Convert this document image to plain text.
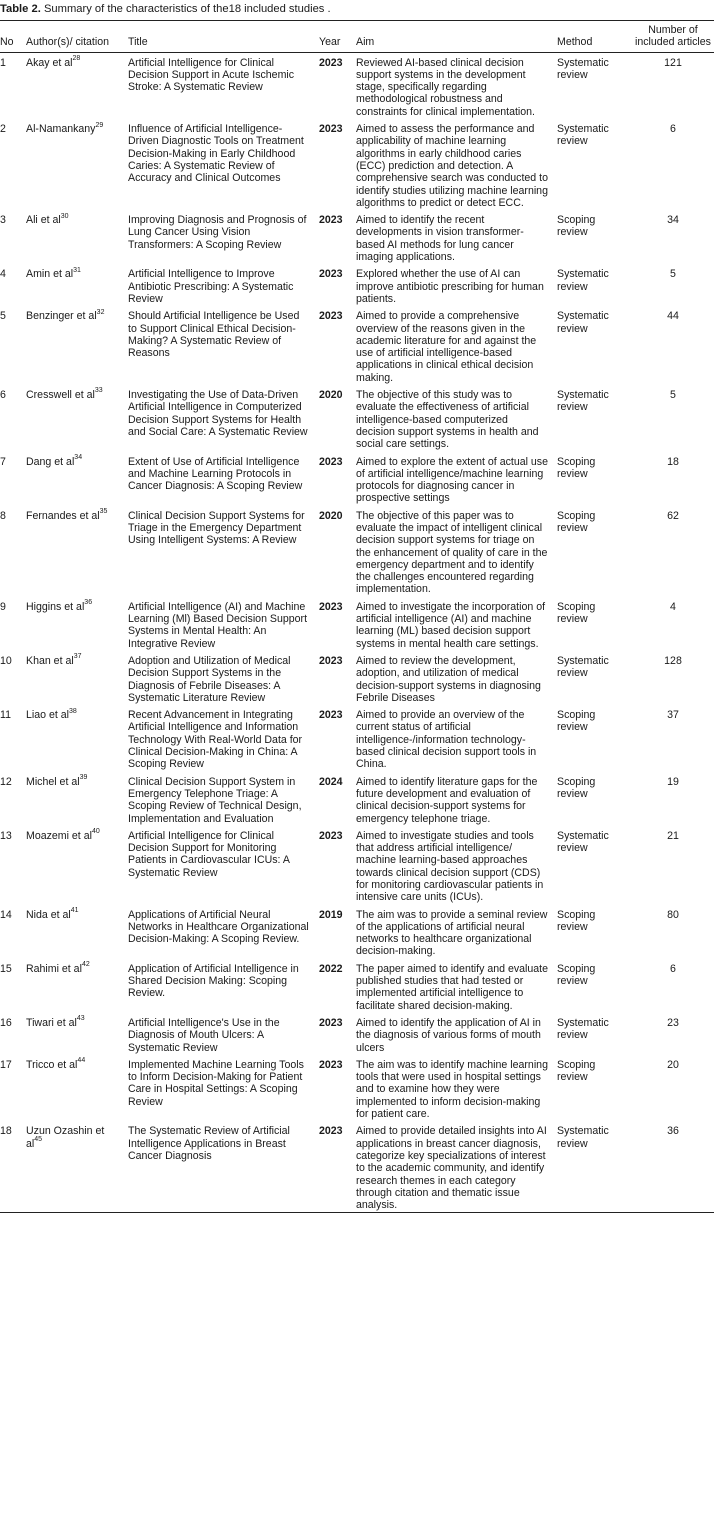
Table 2. Summary of the characteristics of the18 included studies .
No	Author(s)/ citation	Title	Year	Aim	Method	Number of included articles
1	Akay et $al^{28}$	Artificial Intelligence for Clinical Decision Support in Acute Ischemic Stroke: A Systematic Review	2023	Reviewed AI-based clinical decision support systems in the development stage, specifically regarding methodological robustness and constraints for clinical implementation.	Systematic review	121
2	Al-Namankany$^{29}$	Influence of Artificial Intelligence-Driven Diagnostic Tools on Treatment Decision-Making in Early Childhood Caries: A Systematic Review of Accuracy and Clinical Outcomes	2023	Aimed to assess the performance and applicability of machine learning algorithms in early childhood caries (ECC) prediction and detection. A comprehensive search was conducted to identify studies utilizing machine learning algorithms to predict or detect ECC.	Systematic review	6
3	Ali et $al^{30}$	Improving Diagnosis and Prognosis of Lung Cancer Using Vision Transformers: A Scoping Review	2023	Aimed to identify the recent developments in vision transformer-based AI methods for lung cancer imaging applications.	Scoping review	34
4	Amin et $al^{31}$	Artificial Intelligence to Improve Antibiotic Prescribing: A Systematic Review	2023	Explored whether the use of AI can improve antibiotic prescribing for human patients.	Systematic review	5
5	Benzinger et $al^{32}$	Should Artificial Intelligence be Used to Support Clinical Ethical Decision-Making? A Systematic Review of Reasons	2023	Aimed to provide a comprehensive overview of the reasons given in the academic literature for and against the use of artificial intelligence-based applications in clinical ethical decision making.	Systematic review	44
6	Cresswell et $al^{33}$	Investigating the Use of Data-Driven Artificial Intelligence in Computerized Decision Support Systems for Health and Social Care: A Systematic Review	2020	The objective of this study was to evaluate the effectiveness of artificial intelligence-based computerized decision support systems in health and social care settings.	Systematic review	5
7	Dang et $al^{34}$	Extent of Use of Artificial Intelligence and Machine Learning Protocols in Cancer Diagnosis: A Scoping Review	2023	Aimed to explore the extent of actual use of artificial intelligence/machine learning protocols for diagnosing cancer in prospective settings	Scoping review	18
8	Fernandes et $al^{35}$	Clinical Decision Support Systems for Triage in the Emergency Department Using Intelligent Systems: A Review	2020	The objective of this paper was to evaluate the impact of intelligent clinical decision support systems for triage on the enhancement of quality of care in the emergency department and to identify the challenges encountered regarding implementation.	Scoping review	62
9	Higgins et $al^{36}$	Artificial Intelligence (AI) and Machine Learning (Ml) Based Decision Support Systems in Mental Health: An Integrative Review	2023	Aimed to investigate the incorporation of artificial intelligence (AI) and machine learning (ML) based decision support systems in mental health care settings.	Scoping review	4
10	Khan et $al^{37}$	Adoption and Utilization of Medical Decision Support Systems in the Diagnosis of Febrile Diseases: A Systematic Literature Review	2023	Aimed to review the development, adoption, and utilization of medical decision-support systems in diagnosing Febrile Diseases	Systematic review	128
11	Liao et $al^{38}$	Recent Advancement in Integrating Artificial Intelligence and Information Technology With Real-World Data for Clinical Decision-Making in China: A Scoping Review	2023	Aimed to provide an overview of the current status of artificial intelligence-/information technology-based clinical decision support tools in China.	Scoping review	37
12	Michel et $al^{39}$	Clinical Decision Support System in Emergency Telephone Triage: A Scoping Review of Technical Design, Implementation and Evaluation	2024	Aimed to identify literature gaps for the future development and evaluation of clinical decision-support systems for emergency telephone triage.	Scoping review	19
13	Moazemi et $al^{40}$	Artificial Intelligence for Clinical Decision Support for Monitoring Patients in Cardiovascular ICUs: A Systematic Review	2023	Aimed to investigate studies and tools that address artificial intelligence/ machine learning-based approaches towards clinical decision support (CDS) for monitoring cardiovascular patients in intensive care units (ICUs).	Systematic review	21
14	Nida et $al^{41}$	Applications of Artificial Neural Networks in Healthcare Organizational Decision-Making: A Scoping Review.	2019	The aim was to provide a seminal review of the applications of artificial neural networks to healthcare organizational decision-making.	Scoping review	80
15	Rahimi et $al^{42}$	Application of Artificial Intelligence in Shared Decision Making: Scoping Review.	2022	The paper aimed to identify and evaluate published studies that had tested or implemented artificial intelligence to facilitate shared decision-making.	Scoping review	6
16	Tiwari et $al^{43}$	Artificial Intelligence's Use in the Diagnosis of Mouth Ulcers: A Systematic Review	2023	Aimed to identify the application of AI in the diagnosis of various forms of mouth ulcers	Systematic review	23
17	Tricco et $al^{44}$	Implemented Machine Learning Tools to Inform Decision-Making for Patient Care in Hospital Settings: A Scoping Review	2023	The aim was to identify machine learning tools that were used in hospital settings and to examine how they were implemented to inform decision-making for patient care.	Scoping review	20
18	Uzun Ozashin et $al^{45}$	The Systematic Review of Artificial Intelligence Applications in Breast Cancer Diagnosis	2023	Aimed to provide detailed insights into AI applications in breast cancer diagnosis, categorize key specializations of interest to the academic community, and identify research themes in each category through citation and thematic issue analysis.	Systematic review	36
